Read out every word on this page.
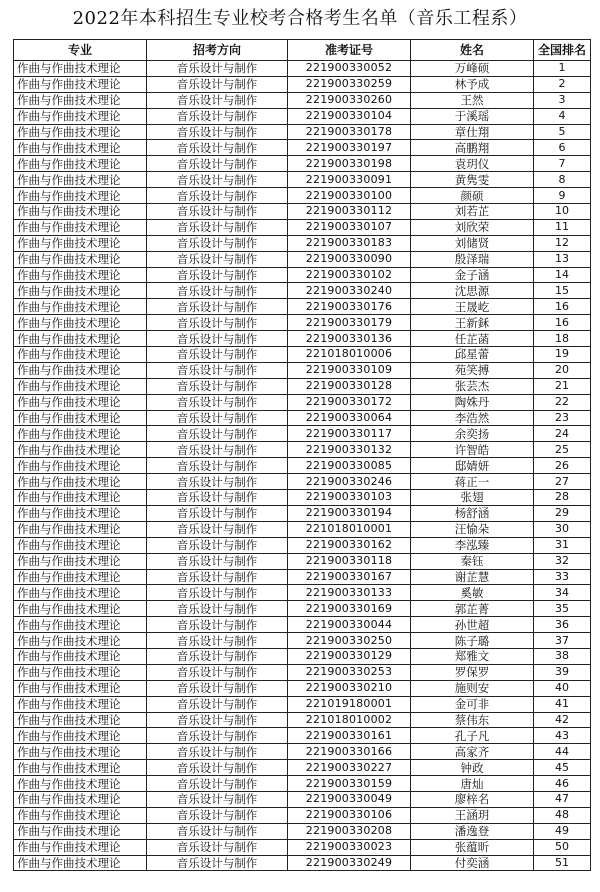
2022年本科招生专业校考合格考生名单（音乐工程系）
专业	招考方向	准考证号	姓名	全国排名
作曲与作曲技术理论	音乐设计与制作	221900330052	万峰硕	1
作曲与作曲技术理论	音乐设计与制作	221900330259	林予成	2
作曲与作曲技术理论	音乐设计与制作	221900330260	王然	3
作曲与作曲技术理论	音乐设计与制作	221900330104	于溪瑶	4
作曲与作曲技术理论	音乐设计与制作	221900330178	章仕翔	5
作曲与作曲技术理论	音乐设计与制作	221900330197	高鹏翔	6
作曲与作曲技术理论	音乐设计与制作	221900330198	袁玥仪	7
作曲与作曲技术理论	音乐设计与制作	221900330091	黄隽雯	8
作曲与作曲技术理论	音乐设计与制作	221900330100	颜硕	9
作曲与作曲技术理论	音乐设计与制作	221900330112	刘若芷	10
作曲与作曲技术理论	音乐设计与制作	221900330107	刘欣荣	11
作曲与作曲技术理论	音乐设计与制作	221900330183	刘储贤	12
作曲与作曲技术理论	音乐设计与制作	221900330090	殷泽瑞	13
作曲与作曲技术理论	音乐设计与制作	221900330102	金子涵	14
作曲与作曲技术理论	音乐设计与制作	221900330240	沈思源	15
作曲与作曲技术理论	音乐设计与制作	221900330176	王晟屹	16
作曲与作曲技术理论	音乐设计与制作	221900330179	王新鉌	16
作曲与作曲技术理论	音乐设计与制作	221900330136	任芷菡	18
作曲与作曲技术理论	音乐设计与制作	221018010006	邱星蕾	19
作曲与作曲技术理论	音乐设计与制作	221900330109	苑笑搏	20
作曲与作曲技术理论	音乐设计与制作	221900330128	张芸杰	21
作曲与作曲技术理论	音乐设计与制作	221900330172	陶姝丹	22
作曲与作曲技术理论	音乐设计与制作	221900330064	李浩然	23
作曲与作曲技术理论	音乐设计与制作	221900330117	余奕扬	24
作曲与作曲技术理论	音乐设计与制作	221900330132	许智皓	25
作曲与作曲技术理论	音乐设计与制作	221900330085	邸婧妍	26
作曲与作曲技术理论	音乐设计与制作	221900330246	蒋正一	27
作曲与作曲技术理论	音乐设计与制作	221900330103	张翅	28
作曲与作曲技术理论	音乐设计与制作	221900330194	杨舒涵	29
作曲与作曲技术理论	音乐设计与制作	221018010001	汪愉朵	30
作曲与作曲技术理论	音乐设计与制作	221900330162	李泓臻	31
作曲与作曲技术理论	音乐设计与制作	221900330118	秦钰	32
作曲与作曲技术理论	音乐设计与制作	221900330167	谢芷慧	33
作曲与作曲技术理论	音乐设计与制作	221900330133	奚敏	34
作曲与作曲技术理论	音乐设计与制作	221900330169	郭芷菁	35
作曲与作曲技术理论	音乐设计与制作	221900330044	孙世超	36
作曲与作曲技术理论	音乐设计与制作	221900330250	陈子璐	37
作曲与作曲技术理论	音乐设计与制作	221900330129	郑雅文	38
作曲与作曲技术理论	音乐设计与制作	221900330253	罗保罗	39
作曲与作曲技术理论	音乐设计与制作	221900330210	施则安	40
作曲与作曲技术理论	音乐设计与制作	221019180001	金可非	41
作曲与作曲技术理论	音乐设计与制作	221018010002	蔡伟东	42
作曲与作曲技术理论	音乐设计与制作	221900330161	孔子凡	43
作曲与作曲技术理论	音乐设计与制作	221900330166	高家齐	44
作曲与作曲技术理论	音乐设计与制作	221900330227	钟政	45
作曲与作曲技术理论	音乐设计与制作	221900330159	唐灿	46
作曲与作曲技术理论	音乐设计与制作	221900330049	廖梓名	47
作曲与作曲技术理论	音乐设计与制作	221900330106	王涵玥	48
作曲与作曲技术理论	音乐设计与制作	221900330208	潘逸登	49
作曲与作曲技术理论	音乐设计与制作	221900330023	张蕴昕	50
作曲与作曲技术理论	音乐设计与制作	221900330249	付奕涵	51
